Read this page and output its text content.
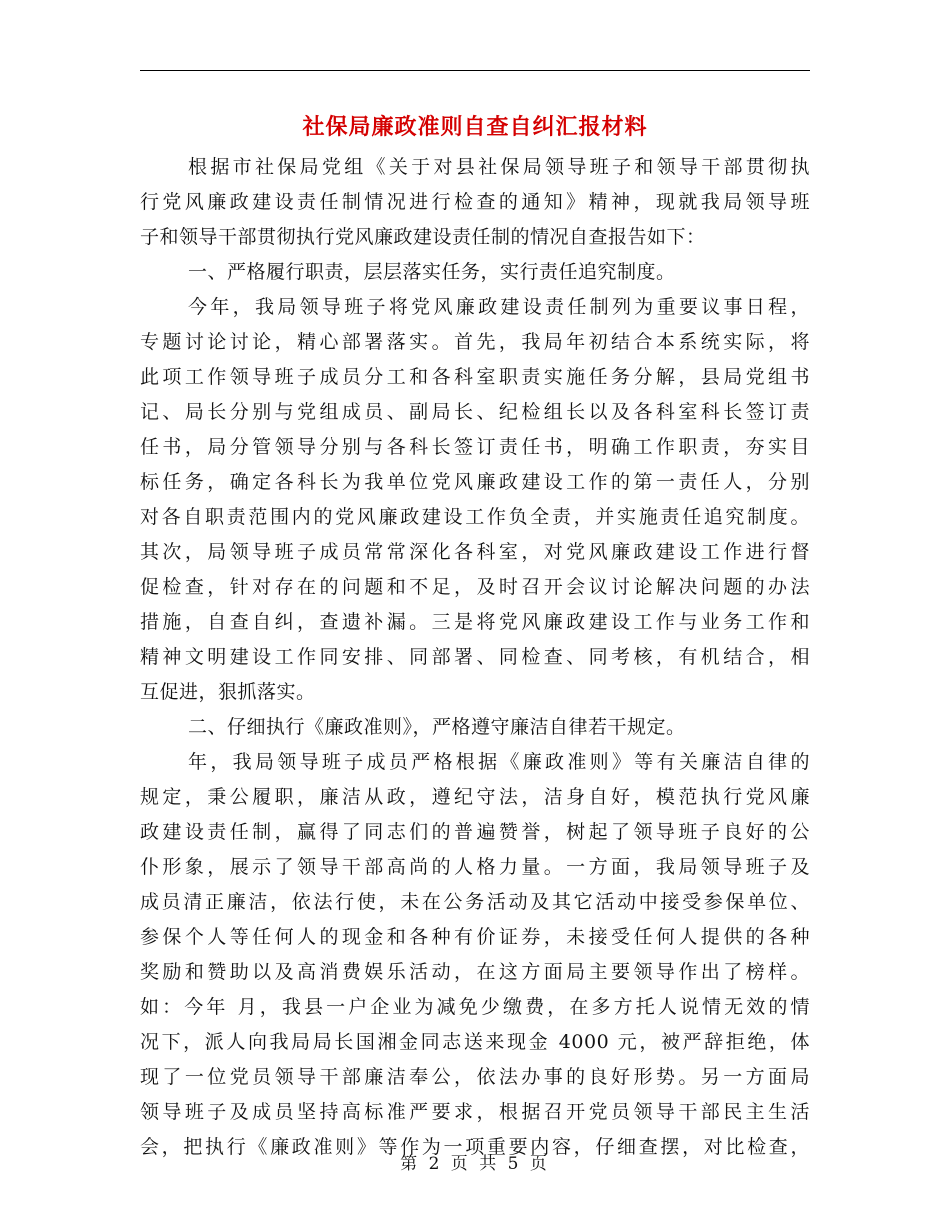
社保局廉政准则自查自纠汇报材料
根据市社保局党组《关于对县社保局领导班子和领导干部贯彻执
行党风廉政建设责任制情况进行检查的通知》精神，现就我局领导班
子和领导干部贯彻执行党风廉政建设责任制的情况自查报告如下：
一、严格履行职责，层层落实任务，实行责任追究制度。
今年，我局领导班子将党风廉政建设责任制列为重要议事日程，
专题讨论讨论，精心部署落实。首先，我局年初结合本系统实际，将
此项工作领导班子成员分工和各科室职责实施任务分解，县局党组书
记、局长分别与党组成员、副局长、纪检组长以及各科室科长签订责
任书，局分管领导分别与各科长签订责任书，明确工作职责，夯实目
标任务，确定各科长为我单位党风廉政建设工作的第一责任人，分别
对各自职责范围内的党风廉政建设工作负全责，并实施责任追究制度。
其次，局领导班子成员常常深化各科室，对党风廉政建设工作进行督
促检查，针对存在的问题和不足，及时召开会议讨论解决问题的办法
措施，自查自纠，查遗补漏。三是将党风廉政建设工作与业务工作和
精神文明建设工作同安排、同部署、同检查、同考核，有机结合，相
互促进，狠抓落实。
二、仔细执行《廉政准则》，严格遵守廉洁自律若干规定。
年，我局领导班子成员严格根据《廉政准则》等有关廉洁自律的
规定，秉公履职，廉洁从政，遵纪守法，洁身自好，模范执行党风廉
政建设责任制，赢得了同志们的普遍赞誉，树起了领导班子良好的公
仆形象，展示了领导干部高尚的人格力量。一方面，我局领导班子及
成员清正廉洁，依法行使，未在公务活动及其它活动中接受参保单位、
参保个人等任何人的现金和各种有价证券，未接受任何人提供的各种
奖励和赞助以及高消费娱乐活动，在这方面局主要领导作出了榜样。
如：今年 月，我县一户企业为减免少缴费，在多方托人说情无效的情
况下，派人向我局局长国湘金同志送来现金 4000 元，被严辞拒绝，体
现了一位党员领导干部廉洁奉公，依法办事的良好形势。另一方面局
领导班子及成员坚持高标准严要求，根据召开党员领导干部民主生活
会，把执行《廉政准则》等作为一项重要内容，仔细查摆，对比检查，
第 2 页 共 5 页
